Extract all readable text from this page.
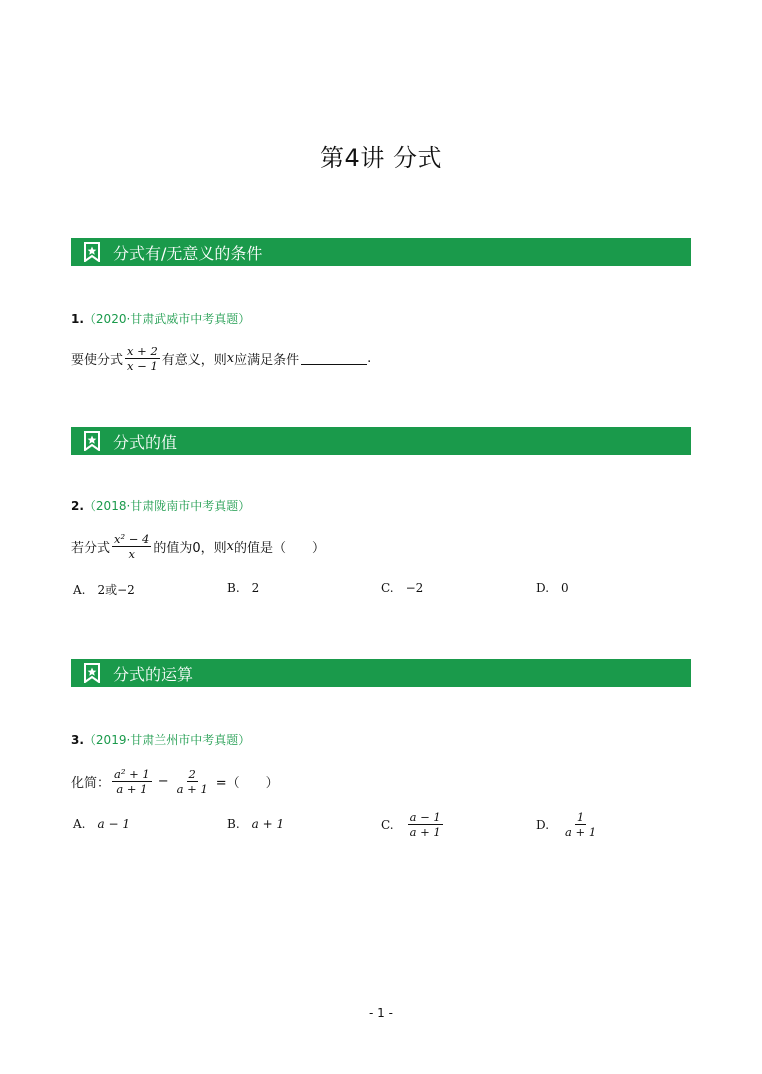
第4讲 分式
分式有/无意义的条件
1.（2020·甘肃武威市中考真题）
要使分式 $\frac{x + 2}{x - 1}$ 有意义，则 x 应满足条件	.
分式的值
2.（2018·甘肃陇南市中考真题）
若分式 $\frac{\text{x² − 4}}{x}$ 的值为0，则 x 的值是（　　）
A. 2或−2	B. 2	C. −2	D. 0
分式的运算
3.（2019·甘肃兰州市中考真题）
化简： $\frac{\text{a² + 1}}{a + 1} - \frac{2}{a + 1}$ =（　　）
A. a − 1	B. a + 1	C. $\frac{a - 1}{a + 1}$	D. $\frac{1}{a + 1}$
- 1 -
